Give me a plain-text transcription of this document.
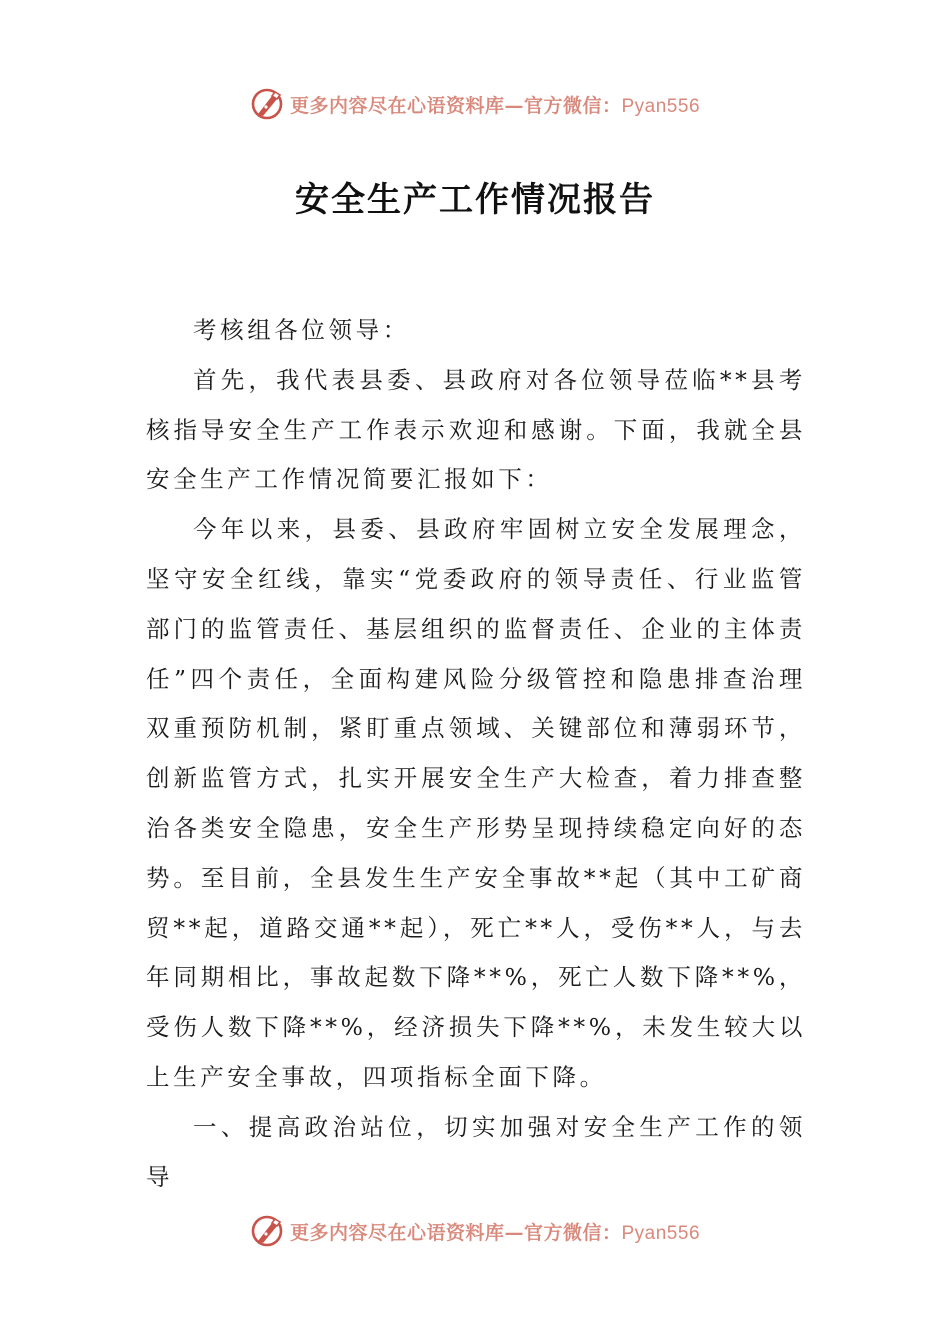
更多内容尽在心语资料库—官方微信：Pyan556
安全生产工作情况报告

考核组各位领导：

首先，我代表县委、县政府对各位领导莅临**县考核指导安全生产工作表示欢迎和感谢。下面，我就全县安全生产工作情况简要汇报如下：

今年以来，县委、县政府牢固树立安全发展理念，坚守安全红线，靠实“党委政府的领导责任、行业监管部门的监管责任、基层组织的监督责任、企业的主体责任”四个责任，全面构建风险分级管控和隐患排查治理双重预防机制，紧盯重点领域、关键部位和薄弱环节，创新监管方式，扎实开展安全生产大检查，着力排查整治各类安全隐患，安全生产形势呈现持续稳定向好的态势。至目前，全县发生生产安全事故**起（其中工矿商贸**起，道路交通**起），死亡**人，受伤**人，与去年同期相比，事故起数下降**%，死亡人数下降**%，受伤人数下降**%，经济损失下降**%，未发生较大以上生产安全事故，四项指标全面下降。

一、提高政治站位，切实加强对安全生产工作的领导

更多内容尽在心语资料库—官方微信：Pyan556
